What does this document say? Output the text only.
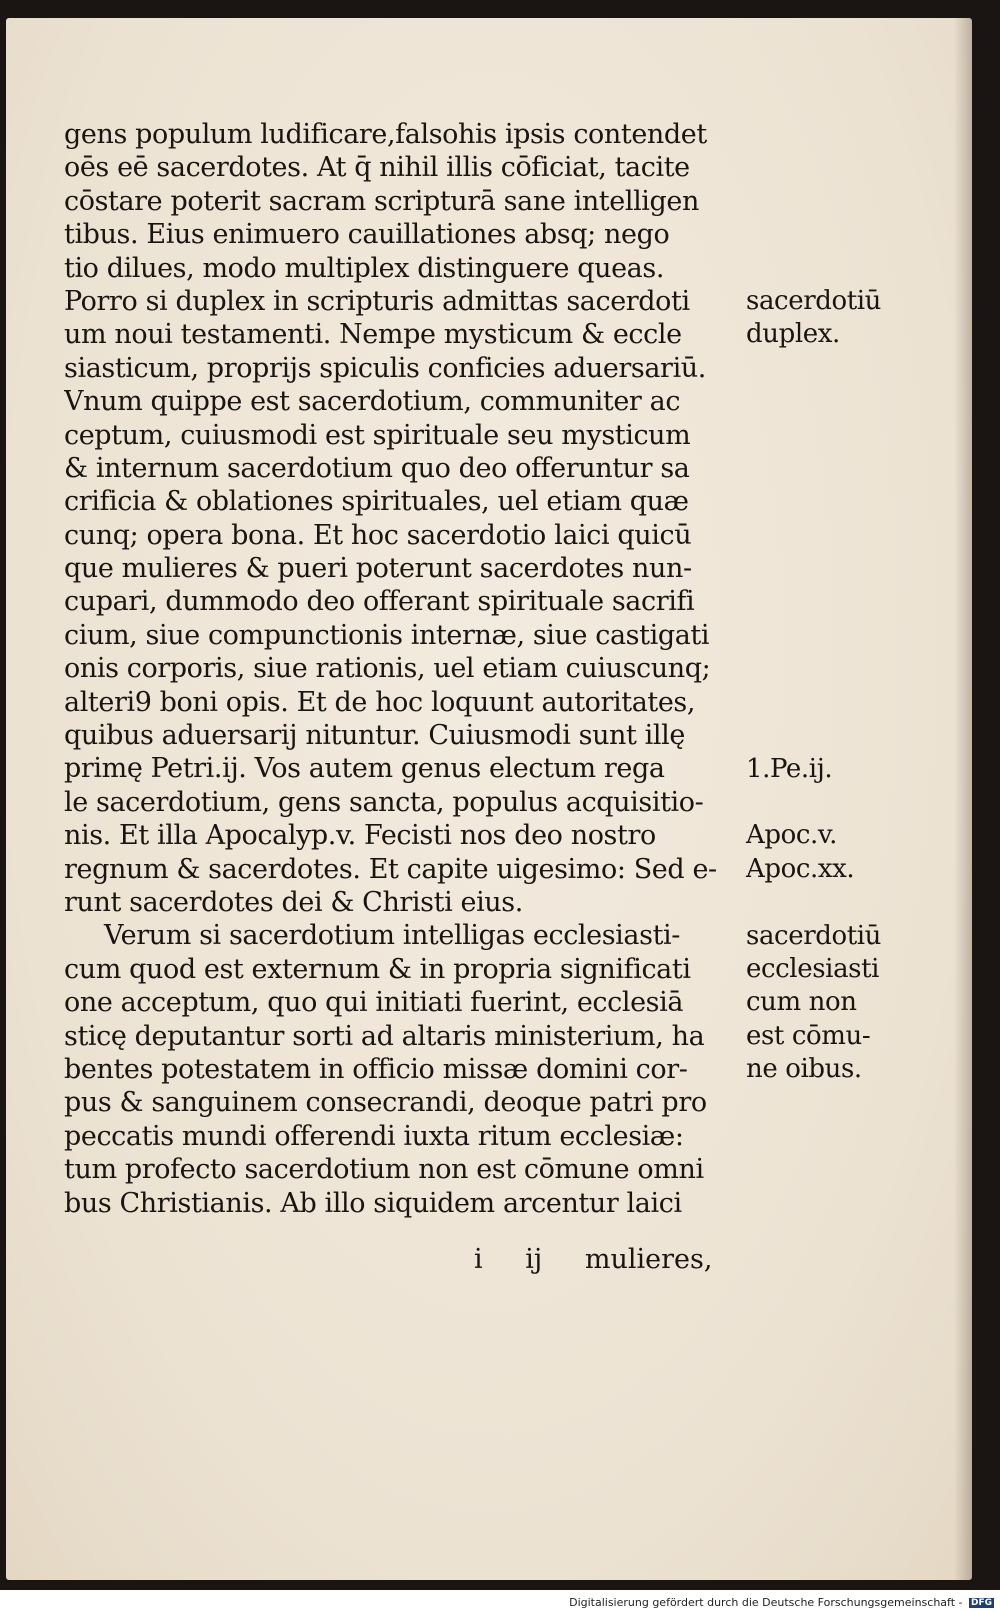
gens populum ludificare,falsohis ipsis contendet
oēs eē sacerdotes. At q̄ nihil illis cōficiat, tacite
cōstare poterit sacram scripturā sane intelligen
tibus. Eius enimuero cauillationes absq; nego
tio dilues, modo multiplex distinguere queas.
Porro si duplex in scripturis admittas sacerdoti
um noui testamenti. Nempe mysticum & eccle
siasticum, proprijs spiculis conficies aduersariū.
Vnum quippe est sacerdotium, communiter ac
ceptum, cuiusmodi est spirituale seu mysticum
& internum sacerdotium quo deo offeruntur sa
crificia & oblationes spirituales, uel etiam quæ
cunq; opera bona. Et hoc sacerdotio laici quicū
que mulieres & pueri poterunt sacerdotes nun-
cupari, dummodo deo offerant spirituale sacrifi
cium, siue compunctionis internæ, siue castigati
onis corporis, siue rationis, uel etiam cuiuscunq;
alteri9 boni opis. Et de hoc loquunt autoritates,
quibus aduersarij nituntur. Cuiusmodi sunt illę
primę Petri.ij. Vos autem genus electum rega
le sacerdotium, gens sancta, populus acquisitio-
nis. Et illa Apocalyp.v. Fecisti nos deo nostro
regnum & sacerdotes. Et capite uigesimo: Sed e-
runt sacerdotes dei & Christi eius.
Verum si sacerdotium intelligas ecclesiasti-
cum quod est externum & in propria significati
one acceptum, quo qui initiati fuerint, ecclesiā
sticę deputantur sorti ad altaris ministerium, ha
bentes potestatem in officio missæ domini cor-
pus & sanguinem consecrandi, deoque patri pro
peccatis mundi offerendi iuxta ritum ecclesiæ:
tum profecto sacerdotium non est cōmune omni
bus Christianis. Ab illo siquidem arcentur laici
sacerdotiū
duplex.
1.Pe.ij.
Apoc.v.
Apoc.xx.
sacerdotiū
ecclesiasti
cum non
est cōmu-
ne oibus.
i ij mulieres,
Digitalisierung gefördert durch die Deutsche Forschungsgemeinschaft - DFG
